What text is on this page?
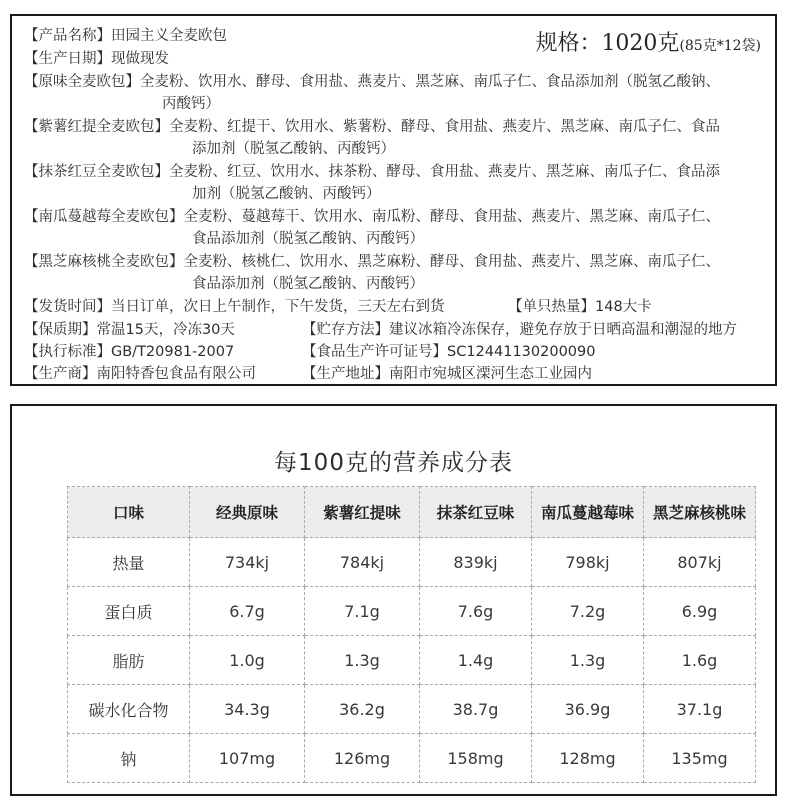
【产品名称】田园主义全麦欧包	规格：1020克(85克*12袋)
【生产日期】现做现发
【原味全麦欧包】全麦粉、饮用水、酵母、食用盐、燕麦片、黑芝麻、南瓜子仁、食品添加剂（脱氢乙酸钠、
丙酸钙）
【紫薯红提全麦欧包】全麦粉、红提干、饮用水、紫薯粉、酵母、食用盐、燕麦片、黑芝麻、南瓜子仁、食品
添加剂（脱氢乙酸钠、丙酸钙）
【抹茶红豆全麦欧包】全麦粉、红豆、饮用水、抹茶粉、酵母、食用盐、燕麦片、黑芝麻、南瓜子仁、食品添
加剂（脱氢乙酸钠、丙酸钙）
【南瓜蔓越莓全麦欧包】全麦粉、蔓越莓干、饮用水、南瓜粉、酵母、食用盐、燕麦片、黑芝麻、南瓜子仁、
食品添加剂（脱氢乙酸钠、丙酸钙）
【黑芝麻核桃全麦欧包】全麦粉、核桃仁、饮用水、黑芝麻粉、酵母、食用盐、燕麦片、黑芝麻、南瓜子仁、
食品添加剂（脱氢乙酸钠、丙酸钙）
【发货时间】当日订单，次日上午制作，下午发货，三天左右到货	【单只热量】148大卡
【保质期】常温15天，冷冻30天	【贮存方法】建议冰箱冷冻保存，避免存放于日晒高温和潮湿的地方
【执行标准】GB/T20981-2007	【食品生产许可证号】SC12441130200090
【生产商】南阳特香包食品有限公司	【生产地址】南阳市宛城区溧河生态工业园内
每100克的营养成分表
口味	经典原味	紫薯红提味	抹茶红豆味	南瓜蔓越莓味	黑芝麻核桃味
热量	734kj	784kj	839kj	798kj	807kj
蛋白质	6.7g	7.1g	7.6g	7.2g	6.9g
脂肪	1.0g	1.3g	1.4g	1.3g	1.6g
碳水化合物	34.3g	36.2g	38.7g	36.9g	37.1g
钠	107mg	126mg	158mg	128mg	135mg
